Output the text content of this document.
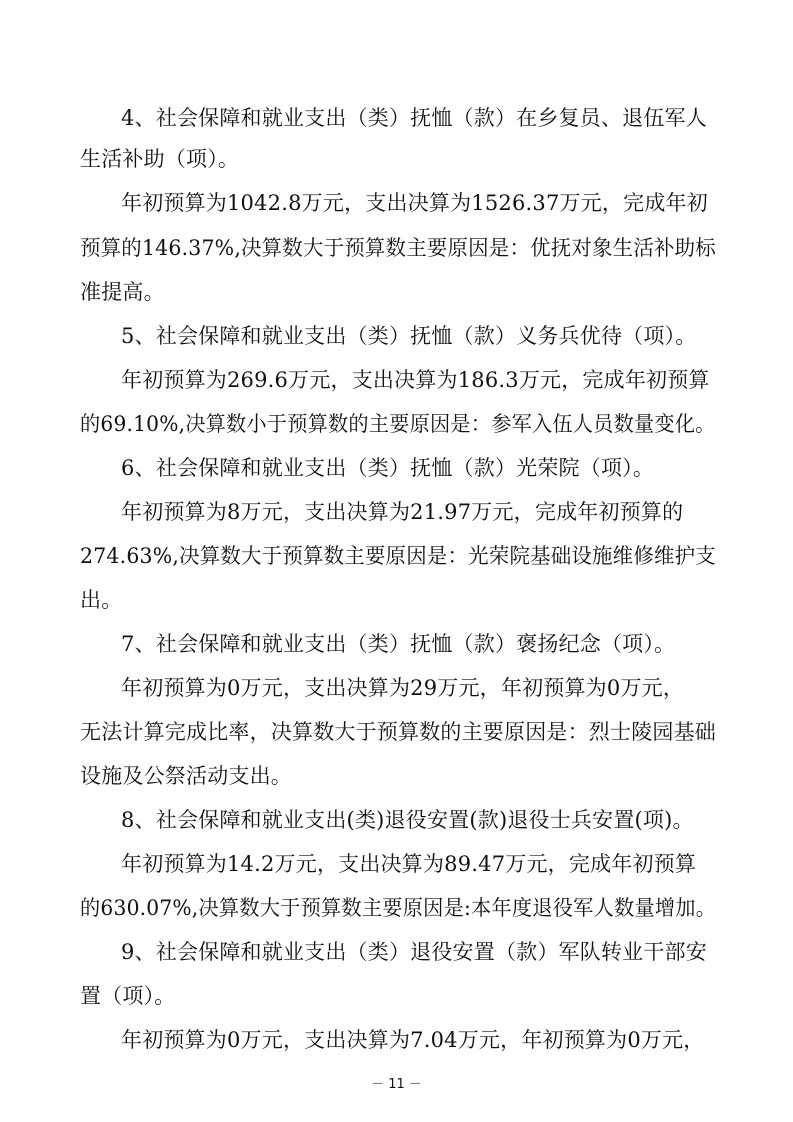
4、社会保障和就业支出（类）抚恤（款）在乡复员、退伍军人
生活补助（项）。
年初预算为1042.8万元，支出决算为1526.37万元，完成年初
预算的146.37%,决算数大于预算数主要原因是：优抚对象生活补助标
准提高。
5、社会保障和就业支出（类）抚恤（款）义务兵优待（项）。
年初预算为269.6万元，支出决算为186.3万元，完成年初预算
的69.10%,决算数小于预算数的主要原因是：参军入伍人员数量变化。
6、社会保障和就业支出（类）抚恤（款）光荣院（项）。
年初预算为8万元，支出决算为21.97万元，完成年初预算的
274.63%,决算数大于预算数主要原因是：光荣院基础设施维修维护支
出。
7、社会保障和就业支出（类）抚恤（款）褒扬纪念（项）。
年初预算为0万元，支出决算为29万元，年初预算为0万元，
无法计算完成比率，决算数大于预算数的主要原因是：烈士陵园基础
设施及公祭活动支出。
8、社会保障和就业支出(类)退役安置(款)退役士兵安置(项)。
年初预算为14.2万元，支出决算为89.47万元，完成年初预算
的630.07%,决算数大于预算数主要原因是:本年度退役军人数量增加。
9、社会保障和就业支出（类）退役安置（款）军队转业干部安
置（项）。
年初预算为0万元，支出决算为7.04万元，年初预算为0万元，
－ 11 －
